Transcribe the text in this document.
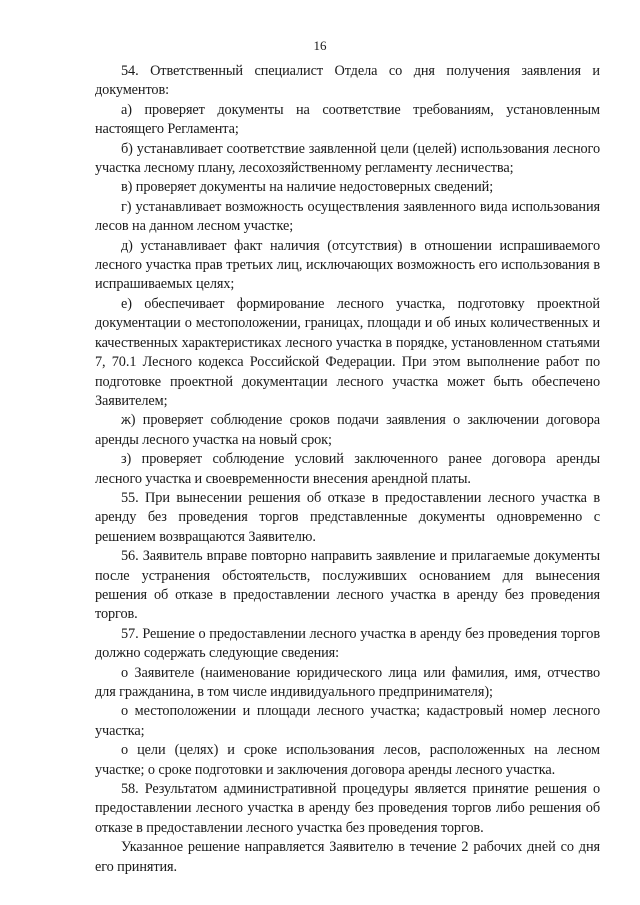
16

54. Ответственный специалист Отдела со дня получения заявления и документов:

а) проверяет документы на соответствие требованиям, установленным настоящего Регламента;

б) устанавливает соответствие заявленной цели (целей) использования лесного участка лесному плану, лесохозяйственному регламенту лесничества;

в) проверяет документы на наличие недостоверных сведений;

г) устанавливает возможность осуществления заявленного вида использования лесов на данном лесном участке;

д) устанавливает факт наличия (отсутствия) в отношении испрашиваемого лесного участка прав третьих лиц, исключающих возможность его использования в испрашиваемых целях;

е) обеспечивает формирование лесного участка, подготовку проектной документации о местоположении, границах, площади и об иных количественных и качественных характеристиках лесного участка в порядке, установленном статьями 7, 70.1 Лесного кодекса Российской Федерации. При этом выполнение работ по подготовке проектной документации лесного участка может быть обеспечено Заявителем;

ж) проверяет соблюдение сроков подачи заявления о заключении договора аренды лесного участка на новый срок;

з) проверяет соблюдение условий заключенного ранее договора аренды лесного участка и своевременности внесения арендной платы.

55. При вынесении решения об отказе в предоставлении лесного участка в аренду без проведения торгов представленные документы одновременно с решением возвращаются Заявителю.

56. Заявитель вправе повторно направить заявление и прилагаемые документы после устранения обстоятельств, послуживших основанием для вынесения решения об отказе в предоставлении лесного участка в аренду без проведения торгов.

57. Решение о предоставлении лесного участка в аренду без проведения торгов должно содержать следующие сведения:

о Заявителе (наименование юридического лица или фамилия, имя, отчество для гражданина, в том числе индивидуального предпринимателя);

о местоположении и площади лесного участка; кадастровый номер лесного участка;

о цели (целях) и сроке использования лесов, расположенных на лесном участке; о сроке подготовки и заключения договора аренды лесного участка.

58. Результатом административной процедуры является принятие решения о предоставлении лесного участка в аренду без проведения торгов либо решения об отказе в предоставлении лесного участка без проведения торгов.

Указанное решение направляется Заявителю в течение 2 рабочих дней со дня его принятия.
